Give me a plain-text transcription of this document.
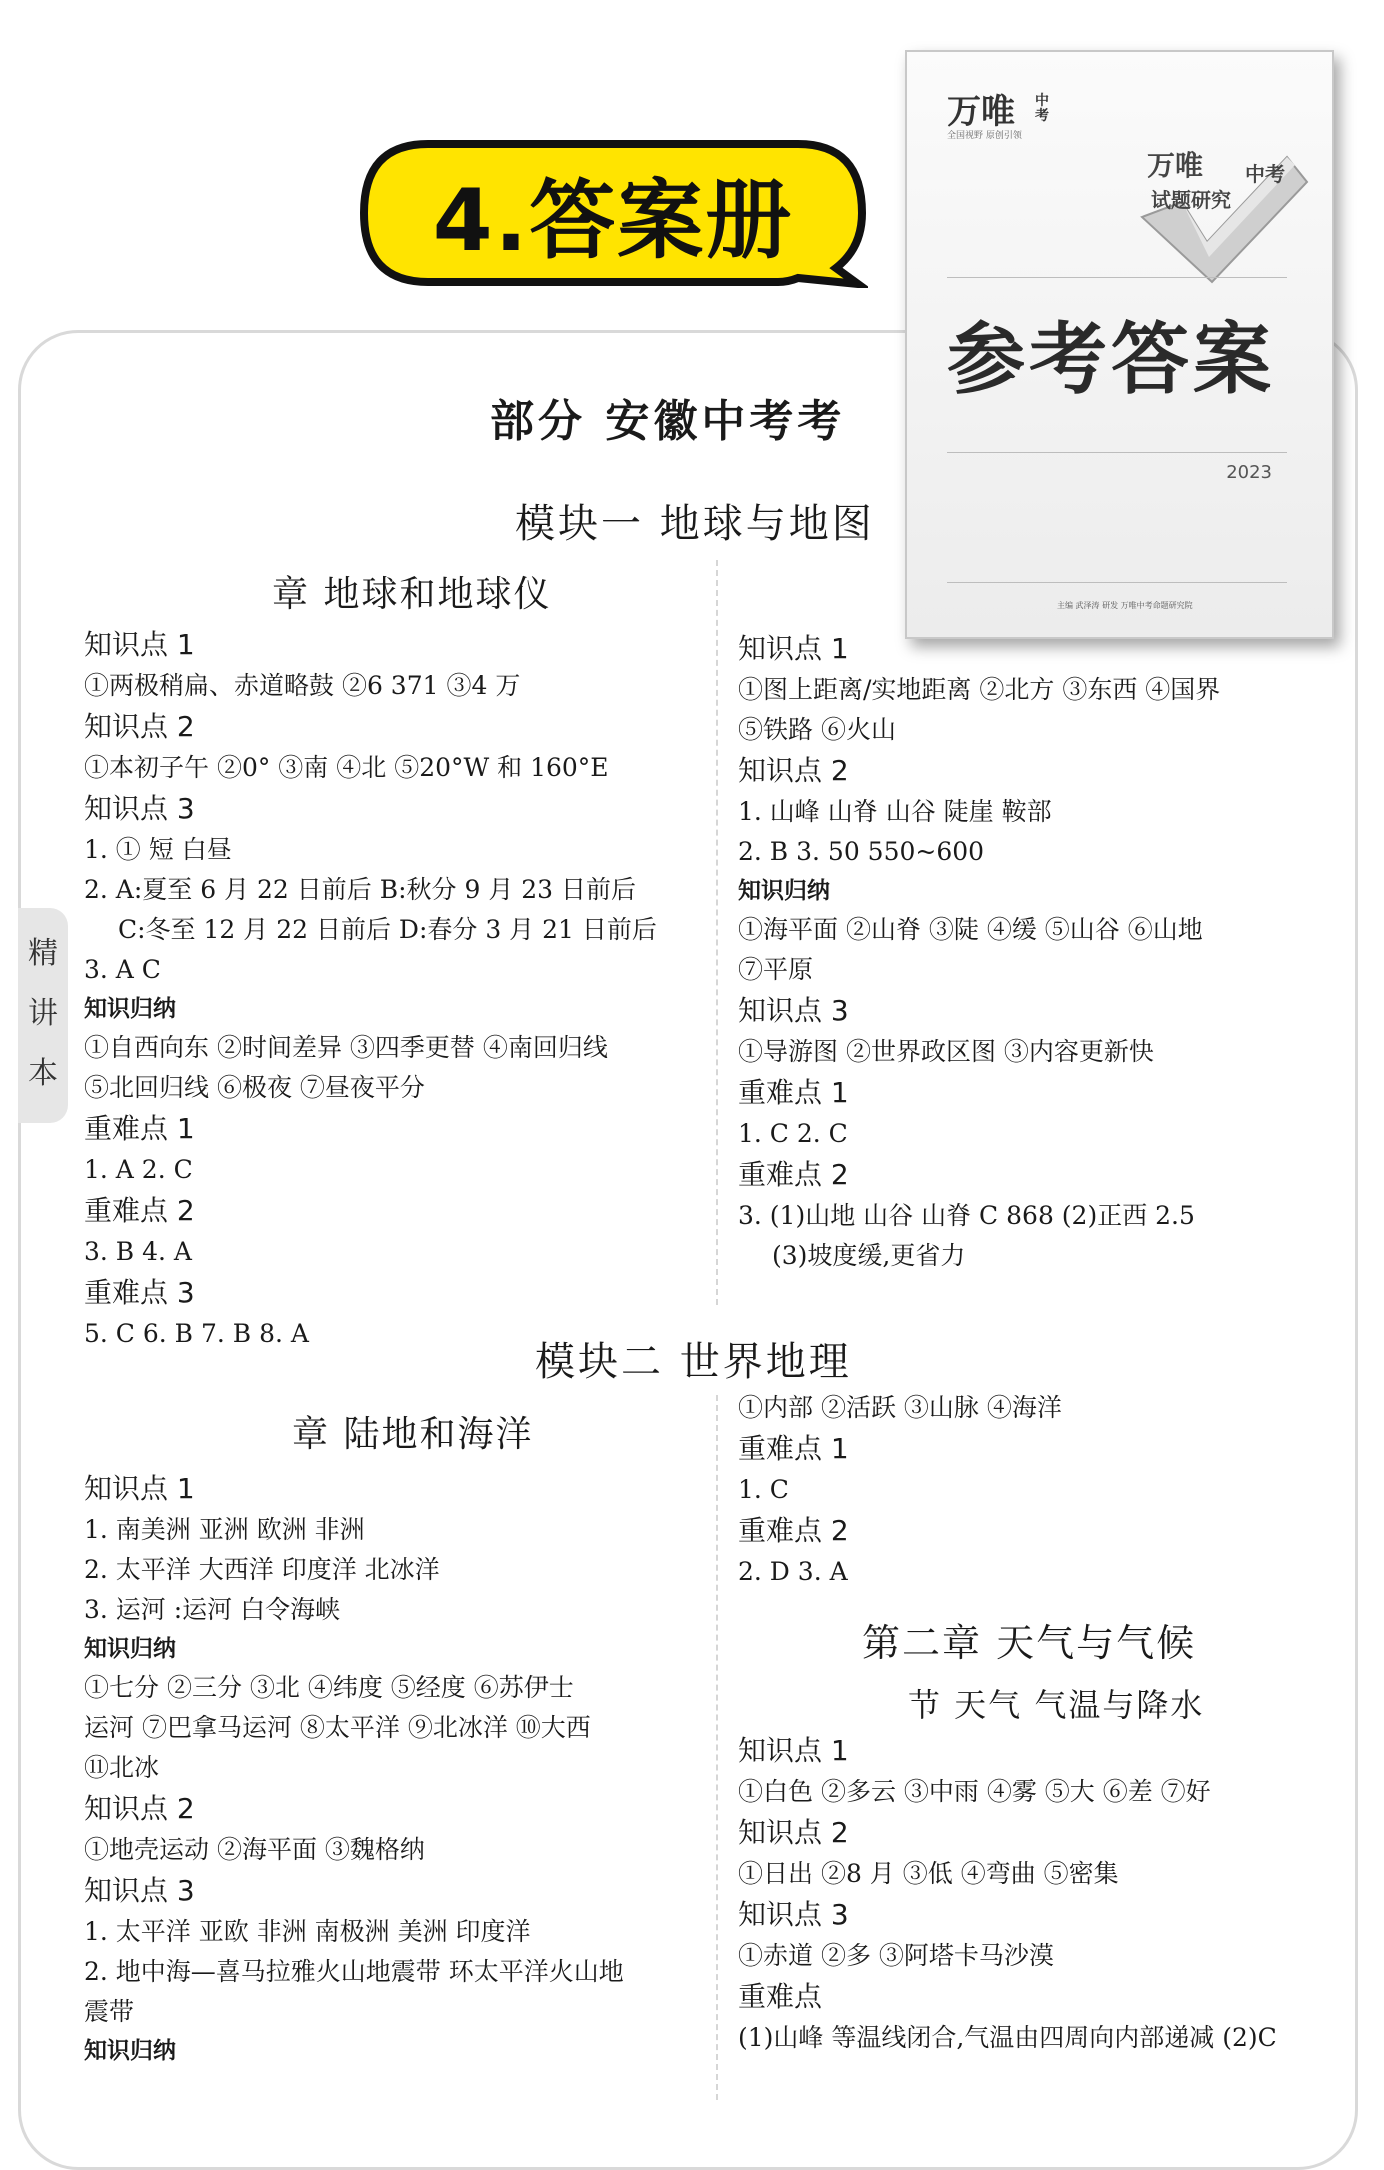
精
讲
本
4.答案册
部分 安徽中考考
模块一 地球与地图
章 地球和地球仪
知识点 1
①两极稍扁、赤道略鼓 ②6 371 ③4 万
知识点 2
①本初子午 ②0° ③南 ④北 ⑤20°W 和 160°E
知识点 3
1. ① 短 白昼
2. A:夏至 6 月 22 日前后 B:秋分 9 月 23 日前后
C:冬至 12 月 22 日前后 D:春分 3 月 21 日前后
3. A C
知识归纳
①自西向东 ②时间差异 ③四季更替 ④南回归线
⑤北回归线 ⑥极夜 ⑦昼夜平分
重难点 1
1. A 2. C
重难点 2
3. B 4. A
重难点 3
5. C 6. B 7. B 8. A
知识点 1
①图上距离/实地距离 ②北方 ③东西 ④国界
⑤铁路 ⑥火山
知识点 2
1. 山峰 山脊 山谷 陡崖 鞍部
2. B 3. 50 550~600
知识归纳
①海平面 ②山脊 ③陡 ④缓 ⑤山谷 ⑥山地
⑦平原
知识点 3
①导游图 ②世界政区图 ③内容更新快
重难点 1
1. C 2. C
重难点 2
3. (1)山地 山谷 山脊 C 868 (2)正西 2.5
(3)坡度缓,更省力
模块二 世界地理
章 陆地和海洋
知识点 1
1. 南美洲 亚洲 欧洲 非洲
2. 太平洋 大西洋 印度洋 北冰洋
3. 运河 :运河 白令海峡
知识归纳
①七分 ②三分 ③北 ④纬度 ⑤经度 ⑥苏伊士
运河 ⑦巴拿马运河 ⑧太平洋 ⑨北冰洋 ⑩大西
⑪北冰
知识点 2
①地壳运动 ②海平面 ③魏格纳
知识点 3
1. 太平洋 亚欧 非洲 南极洲 美洲 印度洋
2. 地中海—喜马拉雅火山地震带 环太平洋火山地
震带
知识归纳
①内部 ②活跃 ③山脉 ④海洋
重难点 1
1. C
重难点 2
2. D 3. A
第二章 天气与气候
节 天气 气温与降水
知识点 1
①白色 ②多云 ③中雨 ④雾 ⑤大 ⑥差 ⑦好
知识点 2
①日出 ②8 月 ③低 ④弯曲 ⑤密集
知识点 3
①赤道 ②多 ③阿塔卡马沙漠
重难点
(1)山峰 等温线闭合,气温由四周向内部递减 (2)C
万唯 中考
全国视野 原创引领
万唯 中考
试题研究
参考答案
2023
主编 武泽涛 研发 万唯中考命题研究院
